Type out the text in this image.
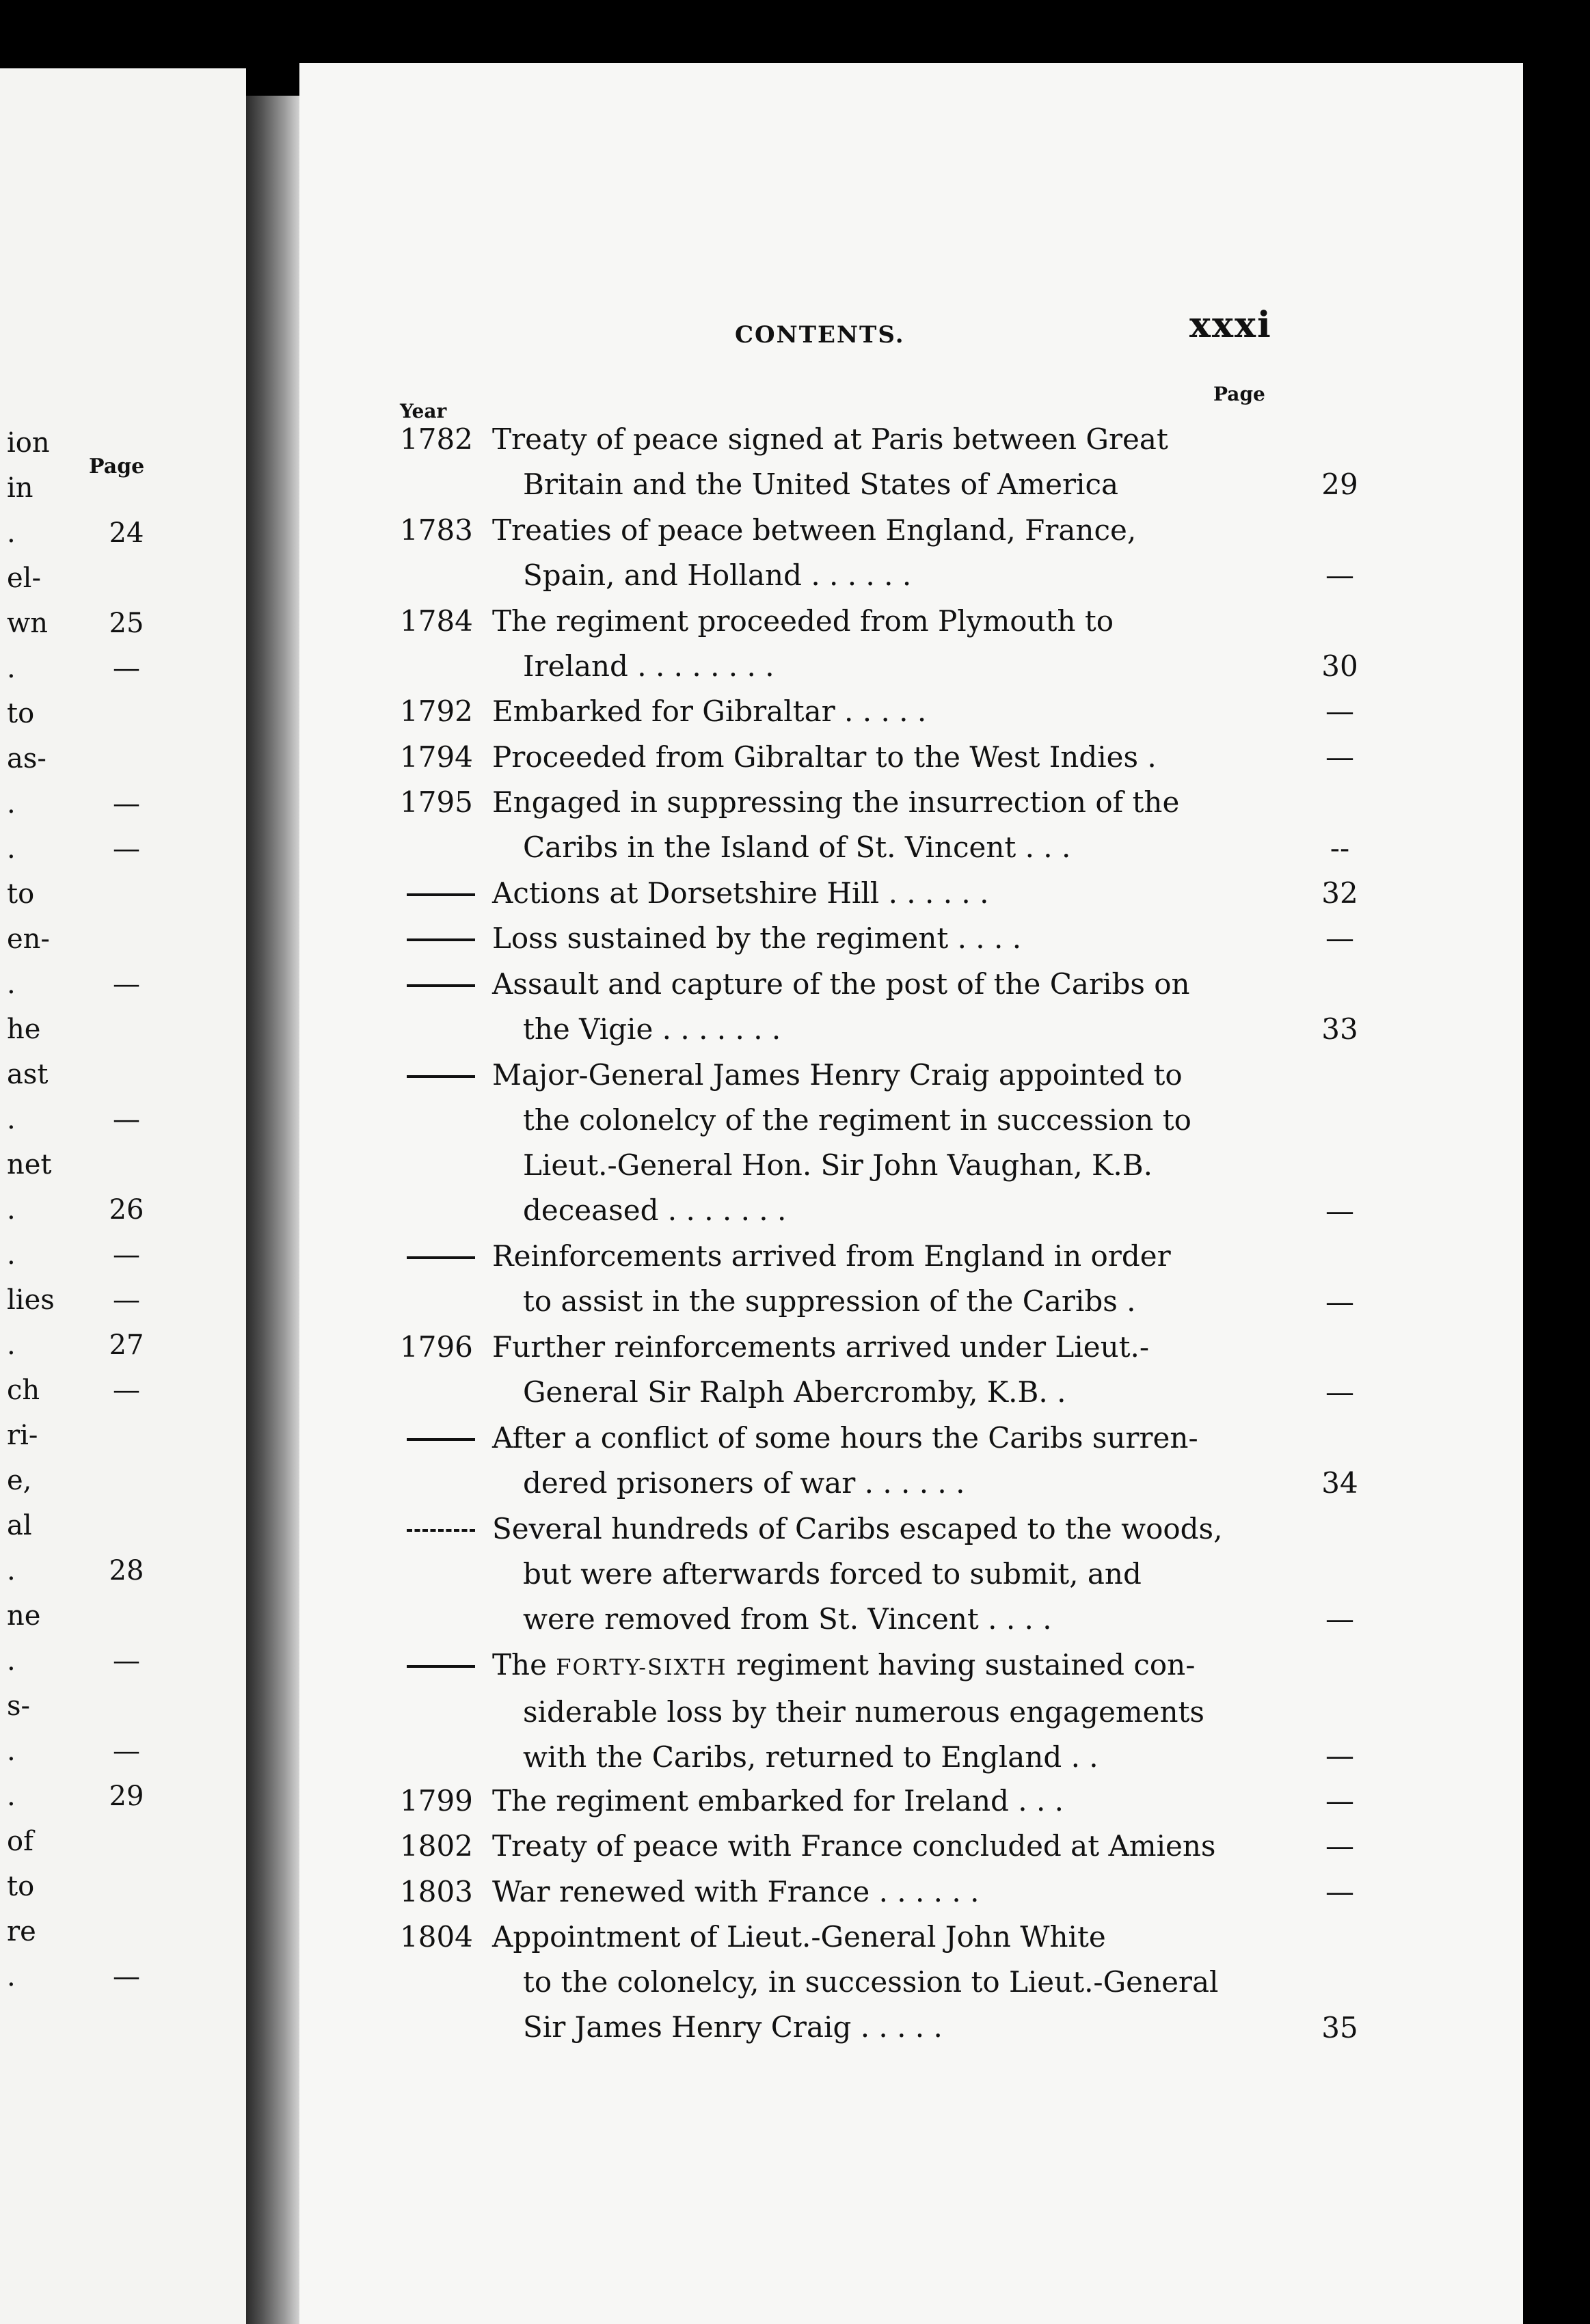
Page
ion
in
.	24
el-
wn 25
.	—
to
as-
.	—
.	—
to
en-
.	—
he
ast
.	—
net
.	26
.	—
lies	—
.	27
ch	—
ri-
e,
al
.	28
ne
.	—
s-
.	—
.	29
of
to
re
.	—
CONTENTS.	xxxi
Year
Page
1782 Treaty of peace signed at Paris between Great
Britain and the United States of America	29
1783 Treaties of peace between England, France,
Spain, and Holland . . . . . .	—
1784 The regiment proceeded from Plymouth to
Ireland . . . . . . . .	30
1792 Embarked for Gibraltar . . . . .	—
1794 Proceeded from Gibraltar to the West Indies .	—
1795 Engaged in suppressing the insurrection of the
Caribs in the Island of St. Vincent . . .	--
Actions at Dorsetshire Hill . . . . . .	32
Loss sustained by the regiment . . . .	—
Assault and capture of the post of the Caribs on
the Vigie . . . . . . .	33
Major-General James Henry Craig appointed to
the colonelcy of the regiment in succession to
Lieut.-General Hon. Sir John Vaughan, K.B.
deceased . . . . . . .	—
Reinforcements arrived from England in order
to assist in the suppression of the Caribs .	—
1796 Further reinforcements arrived under Lieut.-
General Sir Ralph Abercromby, K.B. .	—
After a conflict of some hours the Caribs surren-
dered prisoners of war . . . . . .	34
Several hundreds of Caribs escaped to the woods,
but were afterwards forced to submit, and
were removed from St. Vincent . . . .	—
The FORTY-SIXTH regiment having sustained con-
siderable loss by their numerous engagements
with the Caribs, returned to England . .	—
1799 The regiment embarked for Ireland . . .	—
1802 Treaty of peace with France concluded at Amiens	—
1803 War renewed with France . . . . . .	—
1804 Appointment of Lieut.-General John White
to the colonelcy, in succession to Lieut.-General
Sir James Henry Craig . . . . .	35
